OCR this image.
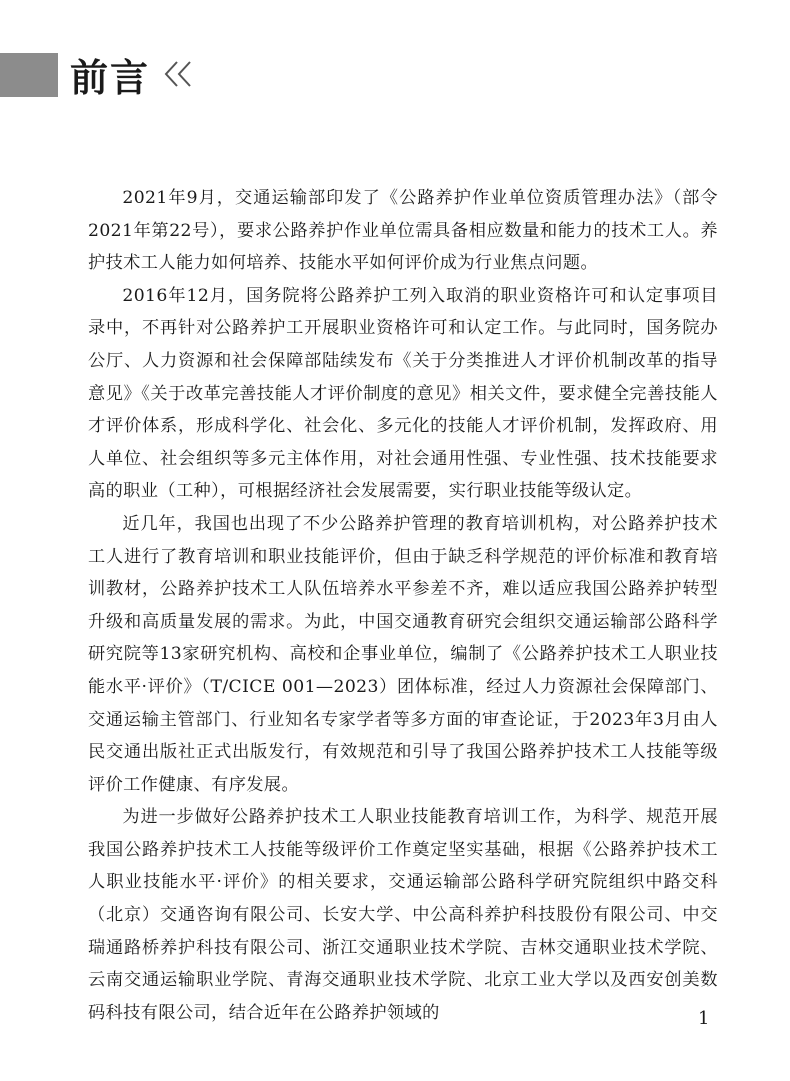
前言

2021年9月，交通运输部印发了《公路养护作业单位资质管理办法》（部令2021年第22号），要求公路养护作业单位需具备相应数量和能力的技术工人。养护技术工人能力如何培养、技能水平如何评价成为行业焦点问题。

2016年12月，国务院将公路养护工列入取消的职业资格许可和认定事项目录中，不再针对公路养护工开展职业资格许可和认定工作。与此同时，国务院办公厅、人力资源和社会保障部陆续发布《关于分类推进人才评价机制改革的指导意见》《关于改革完善技能人才评价制度的意见》相关文件，要求健全完善技能人才评价体系，形成科学化、社会化、多元化的技能人才评价机制，发挥政府、用人单位、社会组织等多元主体作用，对社会通用性强、专业性强、技术技能要求高的职业（工种），可根据经济社会发展需要，实行职业技能等级认定。

近几年，我国也出现了不少公路养护管理的教育培训机构，对公路养护技术工人进行了教育培训和职业技能评价，但由于缺乏科学规范的评价标准和教育培训教材，公路养护技术工人队伍培养水平参差不齐，难以适应我国公路养护转型升级和高质量发展的需求。为此，中国交通教育研究会组织交通运输部公路科学研究院等13家研究机构、高校和企事业单位，编制了《公路养护技术工人职业技能水平·评价》（T/CICE 001—2023）团体标准，经过人力资源社会保障部门、交通运输主管部门、行业知名专家学者等多方面的审查论证，于2023年3月由人民交通出版社正式出版发行，有效规范和引导了我国公路养护技术工人技能等级评价工作健康、有序发展。

为进一步做好公路养护技术工人职业技能教育培训工作，为科学、规范开展我国公路养护技术工人技能等级评价工作奠定坚实基础，根据《公路养护技术工人职业技能水平·评价》的相关要求，交通运输部公路科学研究院组织中路交科（北京）交通咨询有限公司、长安大学、中公高科养护科技股份有限公司、中交瑞通路桥养护科技有限公司、浙江交通职业技术学院、吉林交通职业技术学院、云南交通运输职业学院、青海交通职业技术学院、北京工业大学以及西安创美数码科技有限公司，结合近年在公路养护领域的	1
